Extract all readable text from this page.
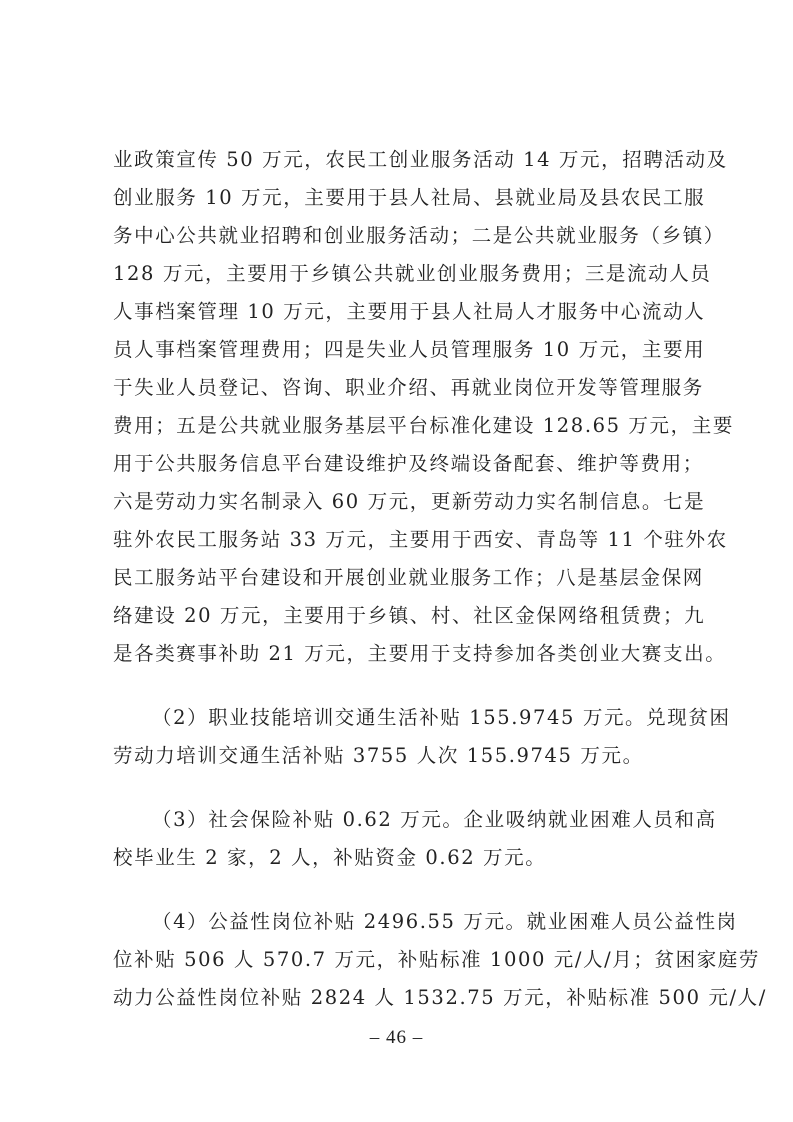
业政策宣传 50 万元，农民工创业服务活动 14 万元，招聘活动及
创业服务 10 万元，主要用于县人社局、县就业局及县农民工服
务中心公共就业招聘和创业服务活动；二是公共就业服务（乡镇）
128 万元，主要用于乡镇公共就业创业服务费用；三是流动人员
人事档案管理 10 万元，主要用于县人社局人才服务中心流动人
员人事档案管理费用；四是失业人员管理服务 10 万元，主要用
于失业人员登记、咨询、职业介绍、再就业岗位开发等管理服务
费用；五是公共就业服务基层平台标准化建设 128.65 万元，主要
用于公共服务信息平台建设维护及终端设备配套、维护等费用；
六是劳动力实名制录入 60 万元，更新劳动力实名制信息。七是
驻外农民工服务站 33 万元，主要用于西安、青岛等 11 个驻外农
民工服务站平台建设和开展创业就业服务工作；八是基层金保网
络建设 20 万元，主要用于乡镇、村、社区金保网络租赁费；九
是各类赛事补助 21 万元，主要用于支持参加各类创业大赛支出。
（2）职业技能培训交通生活补贴 155.9745 万元。兑现贫困
劳动力培训交通生活补贴 3755 人次 155.9745 万元。
（3）社会保险补贴 0.62 万元。企业吸纳就业困难人员和高
校毕业生 2 家，2 人，补贴资金 0.62 万元。
（4）公益性岗位补贴 2496.55 万元。就业困难人员公益性岗
位补贴 506 人 570.7 万元，补贴标准 1000 元/人/月；贫困家庭劳
动力公益性岗位补贴 2824 人 1532.75 万元，补贴标准 500 元/人/
– 46 –
